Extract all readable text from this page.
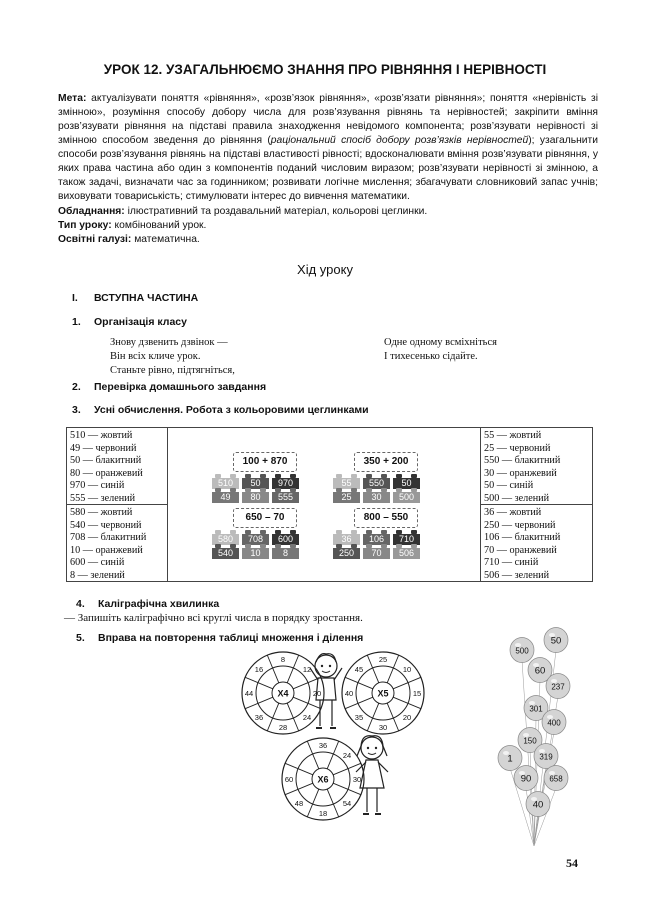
УРОК 12. УЗАГАЛЬНЮЄМО ЗНАННЯ ПРО РІВНЯННЯ І НЕРІВНОСТІ
Мета: актуалізувати поняття «рівняння», «розв’язок рівняння», «розв’язати рівняння»; поняття «нерівність зі змінною», розуміння способу добору числа для розв’язування рівнянь та нерівностей; закріпити вміння розв’язувати рівняння на підставі правила знаходження невідомого компонента; розв’язувати нерівності зі змінною способом зведення до рівняння (раціональний спосіб добору розв’язків нерівностей); узагальнити способи розв’язування рівнянь на підставі властивості рівності; вдосконалювати вміння розв’язувати рівняння, у яких права частина або один з компонентів поданий числовим виразом; розв’язувати нерівності зі змінною, а також задачі, визначати час за годинником; розвивати логічне мислення; збагачувати словниковий запас учнів; виховувати товариськість; стимулювати інтерес до вивчення математики.
Обладнання: ілюстративний та роздавальний матеріал, кольорові цеглинки.
Тип уроку: комбінований урок.
Освітні галузі: математична.
Хід уроку
I. ВСТУПНА ЧАСТИНА
1. Організація класу
Знову дзвенить дзвінок —
Він всіх кличе урок.
Станьте рівно, підтягніться,
Одне одному всміхніться
І тихесенько сідайте.
2. Перевірка домашнього завдання
3. Усні обчислення. Робота з кольоровими цеглинками
510 — жовтий
49 — червоний
50 — блакитний
80 — оранжевий
970 — синій
555 — зелений
580 — жовтий
540 — червоний
708 — блакитний
10 — оранжевий
600 — синій
8 — зелений
55 — жовтий
25 — червоний
550 — блакитний
30 — оранжевий
50 — синій
500 — зелений
36 — жовтий
250 — червоний
106 — блакитний
70 — оранжевий
710 — синій
506 — зелений
100 + 870
510	50	970
49	80	555
350 + 200
55	550	50
25	30	500
650 – 70
580	708	600
540	10	8
800 – 550
36	106	710
250	70	506
4. Каліграфічна хвилинка
— Запишіть каліграфічно всі круглі числа в порядку зростання.
5. Вправа на повторення таблиці множення і ділення
Х4
8
12
20
24
28
36
44
16
Х5
25
10
15
20
30
35
40
45
Х6
36
24
30
54
18
48
60
50
500
60
237
301
400
150
1	319
90 658
40
54
